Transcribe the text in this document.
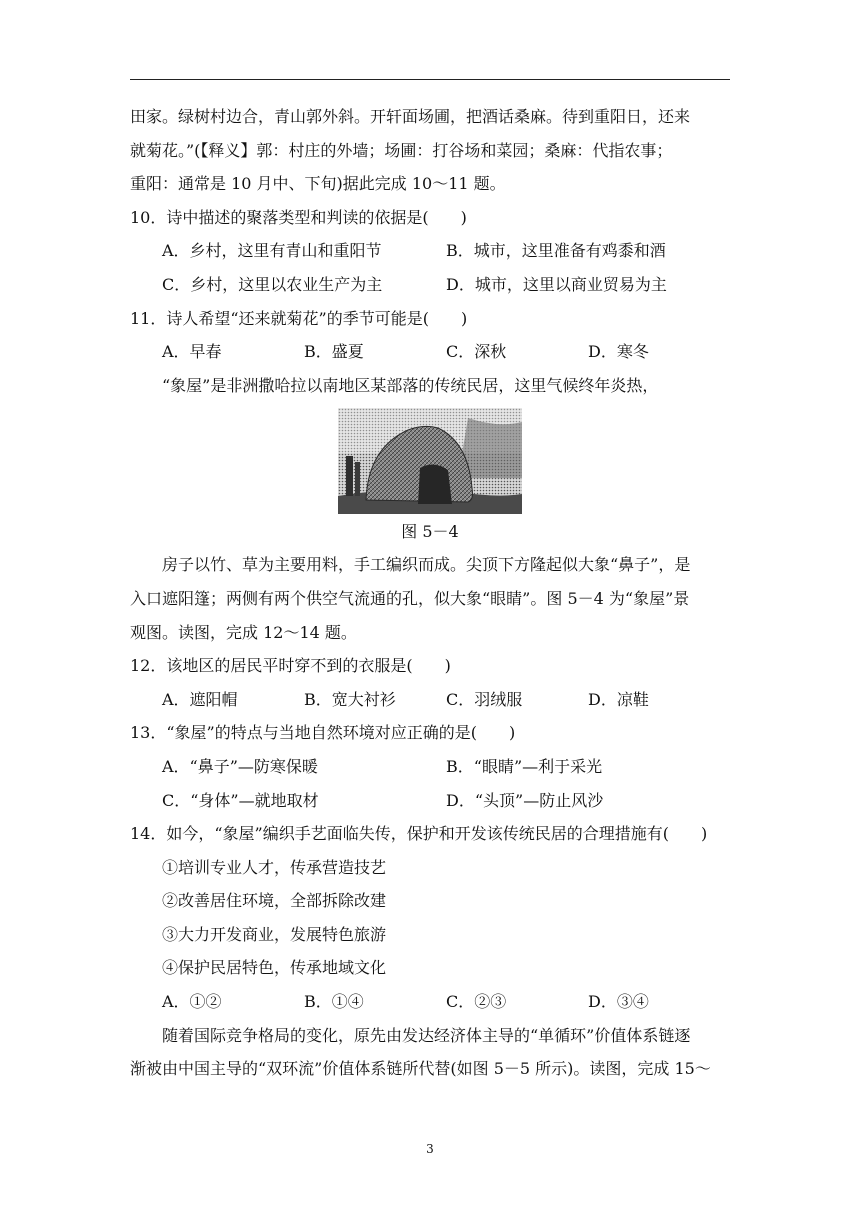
田家。绿树村边合，青山郭外斜。开轩面场圃，把酒话桑麻。待到重阳日，还来
就菊花。”(【释义】郭：村庄的外墙；场圃：打谷场和菜园；桑麻：代指农事；
重阳：通常是 10 月中、下旬)据此完成 10～11 题。
10．诗中描述的聚落类型和判读的依据是(　　)
A．乡村，这里有青山和重阳节	B．城市，这里准备有鸡黍和酒
C．乡村，这里以农业生产为主	D．城市，这里以商业贸易为主
11．诗人希望“还来就菊花”的季节可能是(　　)
A．早春	B．盛夏	C．深秋	D．寒冬
“象屋”是非洲撒哈拉以南地区某部落的传统民居，这里气候终年炎热，
图 5－4
房子以竹、草为主要用料，手工编织而成。尖顶下方隆起似大象“鼻子”，是
入口遮阳篷；两侧有两个供空气流通的孔，似大象“眼睛”。图 5－4 为“象屋”景
观图。读图，完成 12～14 题。
12．该地区的居民平时穿不到的衣服是(　　)
A．遮阳帽	B．宽大衬衫	C．羽绒服	D．凉鞋
13．“象屋”的特点与当地自然环境对应正确的是(　　)
A．“鼻子”—防寒保暖	B．“眼睛”—利于采光
C．“身体”—就地取材	D．“头顶”—防止风沙
14．如今，“象屋”编织手艺面临失传，保护和开发该传统民居的合理措施有(　　)
①培训专业人才，传承营造技艺
②改善居住环境，全部拆除改建
③大力开发商业，发展特色旅游
④保护民居特色，传承地域文化
A．①②	B．①④	C．②③	D．③④
随着国际竞争格局的变化，原先由发达经济体主导的“单循环”价值体系链逐
渐被由中国主导的“双环流”价值体系链所代替(如图 5－5 所示)。读图，完成 15～
3
